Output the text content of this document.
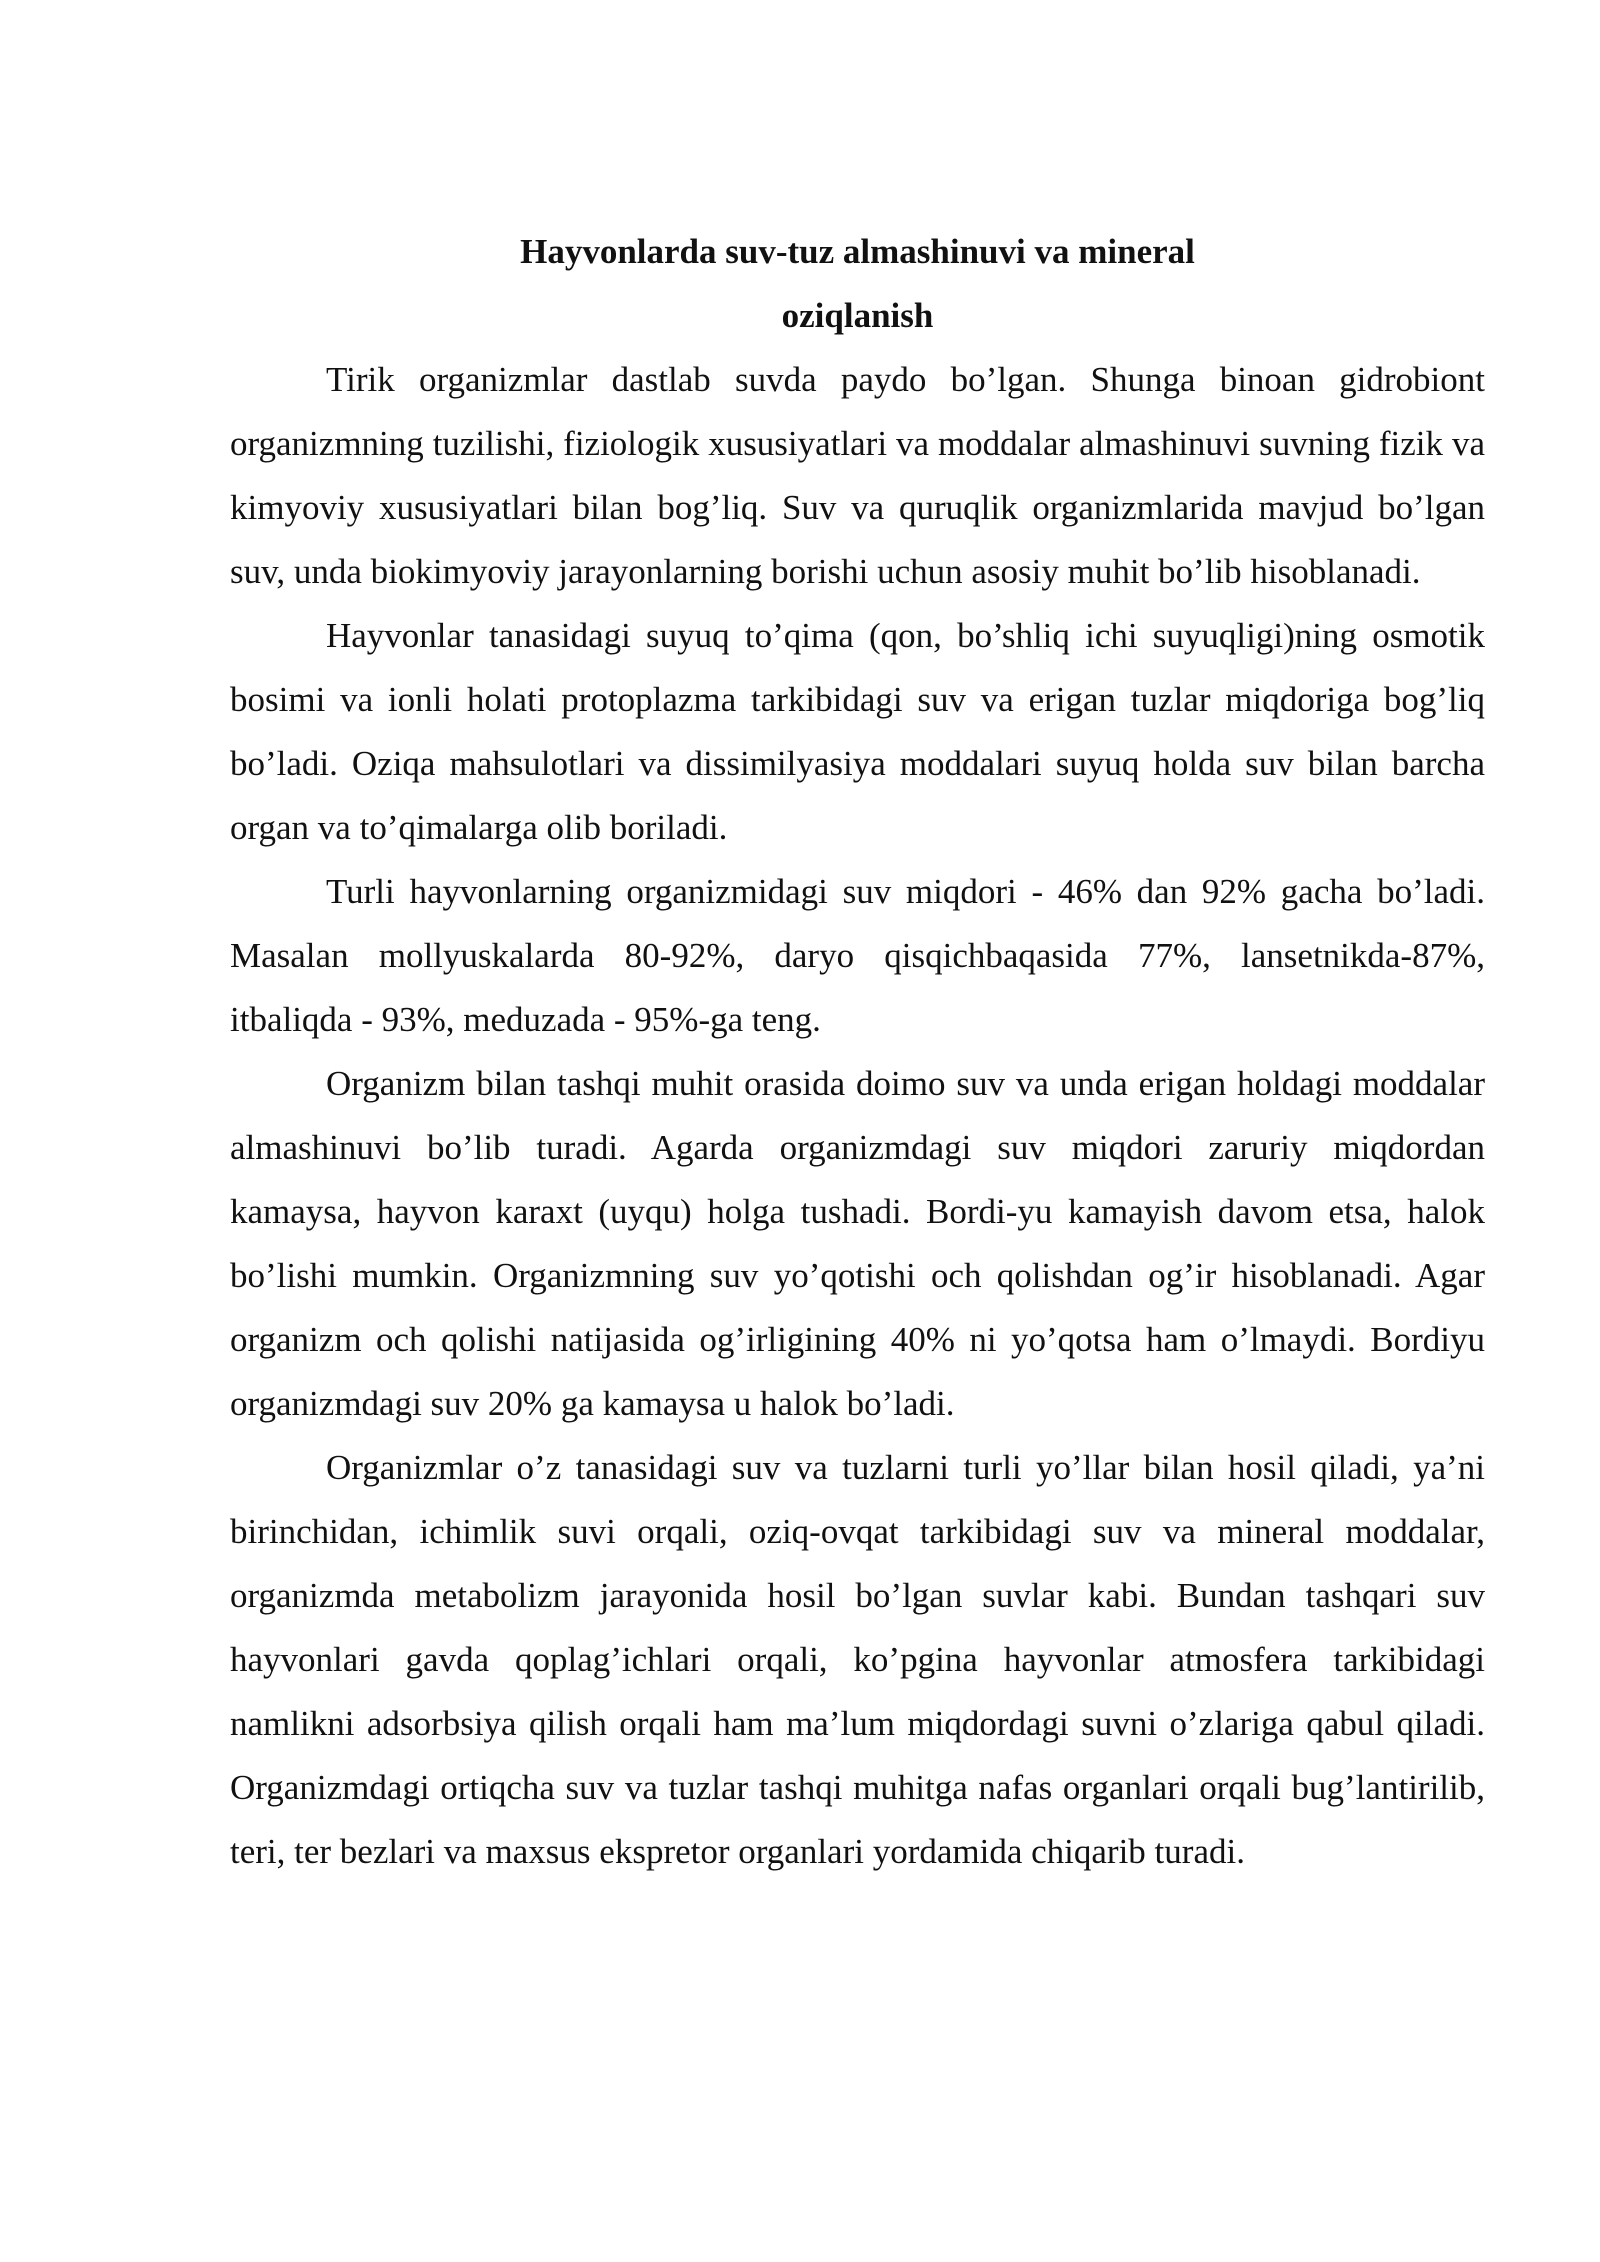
Hayvonlarda suv-tuz almashinuvi va mineral
oziqlanish

Tirik organizmlar dastlab suvda paydo bo’lgan. Shunga binoan gidrobiont organizmning tuzilishi, fiziologik xususiyatlari va moddalar almashinuvi suvning fizik va kimyoviy xususiyatlari bilan bog’liq. Suv va quruqlik organizmlarida mavjud bo’lgan suv, unda biokimyoviy jarayonlarning borishi uchun asosiy muhit bo’lib hisoblanadi.

Hayvonlar tanasidagi suyuq to’qima (qon, bo’shliq ichi suyuqligi)ning osmotik bosimi va ionli holati protoplazma tarkibidagi suv va erigan tuzlar miqdoriga bog’liq bo’ladi. Oziqa mahsulotlari va dissimilyasiya moddalari suyuq holda suv bilan barcha organ va to’qimalarga olib boriladi.

Turli hayvonlarning organizmidagi suv miqdori - 46% dan 92% gacha bo’ladi. Masalan mollyuskalarda 80-92%, daryo qisqichbaqasida 77%, lansetnikda-87%, itbaliqda - 93%, meduzada - 95%-ga teng.

Organizm bilan tashqi muhit orasida doimo suv va unda erigan holdagi moddalar almashinuvi bo’lib turadi. Agarda organizmdagi suv miqdori zaruriy miqdordan kamaysa, hayvon karaxt (uyqu) holga tushadi. Bordi-yu kamayish davom etsa, halok bo’lishi mumkin. Organizmning suv yo’qotishi och qolishdan og’ir hisoblanadi. Agar organizm och qolishi natijasida og’irligining 40% ni yo’qotsa ham o’lmaydi. Bordiyu organizmdagi suv 20% ga kamaysa u halok bo’ladi.

Organizmlar o’z tanasidagi suv va tuzlarni turli yo’llar bilan hosil qiladi, ya’ni birinchidan, ichimlik suvi orqali, oziq-ovqat tarkibidagi suv va mineral moddalar, organizmda metabolizm jarayonida hosil bo’lgan suvlar kabi. Bundan tashqari suv hayvonlari gavda qoplag’ichlari orqali, ko’pgina hayvonlar atmosfera tarkibidagi namlikni adsorbsiya qilish orqali ham ma’lum miqdordagi suvni o’zlariga qabul qiladi. Organizmdagi ortiqcha suv va tuzlar tashqi muhitga nafas organlari orqali bug’lantirilib, teri, ter bezlari va maxsus ekspretor organlari yordamida chiqarib turadi.
